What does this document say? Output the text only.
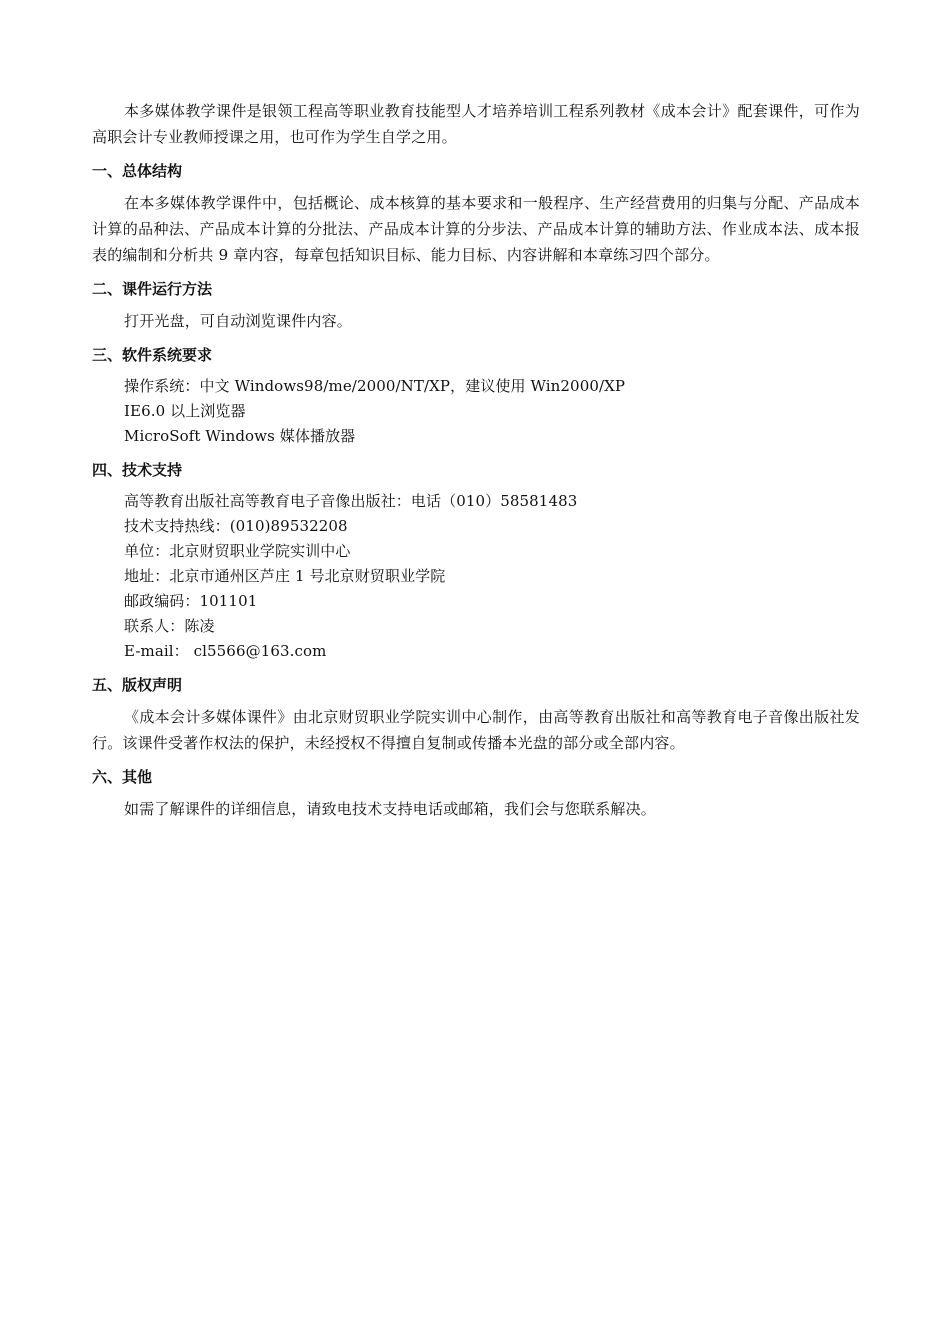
本多媒体教学课件是银领工程高等职业教育技能型人才培养培训工程系列教材《成本会计》配套课件，可作为高职会计专业教师授课之用，也可作为学生自学之用。

一、总体结构

在本多媒体教学课件中，包括概论、成本核算的基本要求和一般程序、生产经营费用的归集与分配、产品成本计算的品种法、产品成本计算的分批法、产品成本计算的分步法、产品成本计算的辅助方法、作业成本法、成本报表的编制和分析共 9 章内容，每章包括知识目标、能力目标、内容讲解和本章练习四个部分。

二、课件运行方法

打开光盘，可自动浏览课件内容。

三、软件系统要求

操作系统：中文 Windows98/me/2000/NT/XP，建议使用 Win2000/XP

IE6.0 以上浏览器

MicroSoft Windows 媒体播放器

四、技术支持

高等教育出版社高等教育电子音像出版社：电话（010）58581483

技术支持热线：(010)89532208

单位：北京财贸职业学院实训中心

地址：北京市通州区芦庄 1 号北京财贸职业学院

邮政编码：101101

联系人：陈凌

E-mail： cl5566@163.com

五、版权声明

《成本会计多媒体课件》由北京财贸职业学院实训中心制作，由高等教育出版社和高等教育电子音像出版社发行。该课件受著作权法的保护，未经授权不得擅自复制或传播本光盘的部分或全部内容。

六、其他

如需了解课件的详细信息，请致电技术支持电话或邮箱，我们会与您联系解决。
